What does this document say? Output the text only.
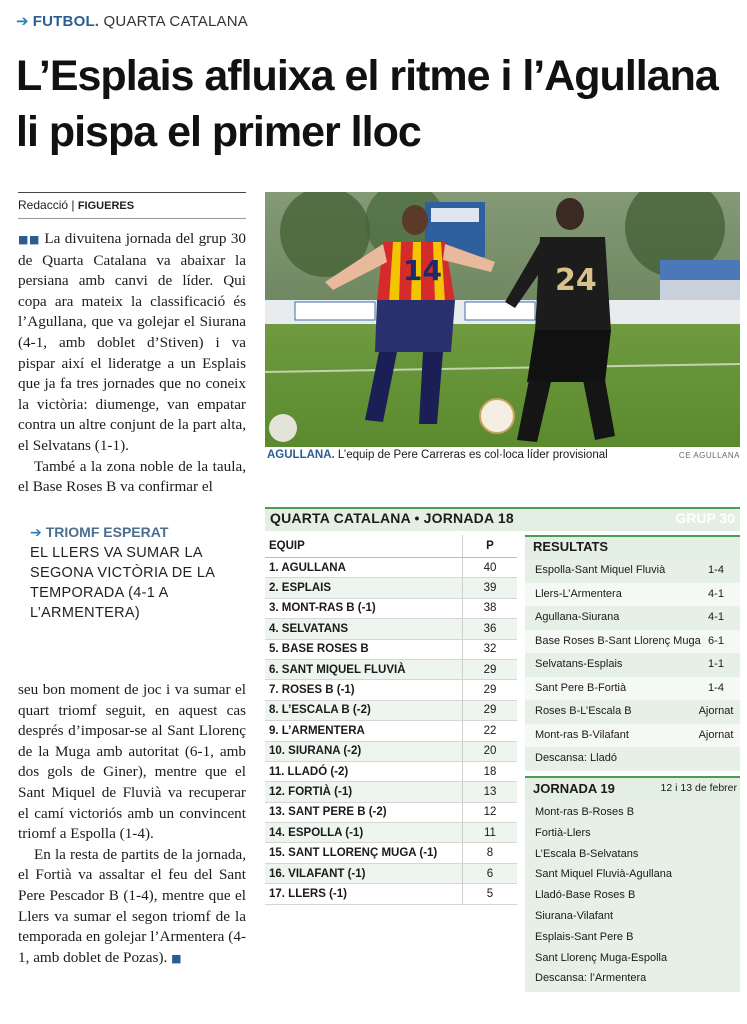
➔ FUTBOL. QUARTA CATALANA
L’Esplais afluixa el ritme i l’Agullana li pispa el primer lloc
Redacció | FIGUERES

■■ La divuitena jornada del grup 30 de Quarta Catalana va abaixar la persiana amb canvi de líder. Qui copa ara mateix la classificació és l’Agullana, que va golejar el Siurana (4-1, amb doblet d’Stiven) i va pispar així el lideratge a un Esplais que ja fa tres jornades que no coneix la victòria: diumenge, van empatar contra un altre conjunt de la part alta, el Selvatans (1-1).

També a la zona noble de la taula, el Base Roses B va confirmar el

➔ TRIOMF ESPERAT
EL LLERS VA SUMAR LA SEGONA VICTÒRIA DE LA TEMPORADA (4-1 A L’ARMENTERA)

seu bon moment de joc i va sumar el quart triomf seguit, en aquest cas després d’imposar-se al Sant Llorenç de la Muga amb autoritat (6-1, amb dos gols de Giner), mentre que el Sant Miquel de Fluvià va recuperar el camí victoriós amb un convincent triomf a Espolla (1-4).

En la resta de partits de la jornada, el Fortià va assaltar el feu del Sant Pere Pescador B (1-4), mentre que el Llers va sumar el segon triomf de la temporada en golejar l’Armentera (4-1, amb doblet de Pozas). ■

14	24
AGULLANA. L’equip de Pere Carreras es col·loca líder provisional	CE AGULLANA
QUARTA CATALANA • JORNADA 18	GRUP 30
EQUIP	P
1. AGULLANA	40
2. ESPLAIS	39
3. MONT-RAS B (-1)	38
4. SELVATANS	36
5. BASE ROSES B	32
6. SANT MIQUEL FLUVIÀ	29
7. ROSES B (-1)	29
8. L’ESCALA B (-2)	29
9. L’ARMENTERA	22
10. SIURANA (-2)	20
11. LLADÓ (-2)	18
12. FORTIÀ (-1)	13
13. SANT PERE B (-2)	12
14. ESPOLLA (-1)	11
15. SANT LLORENÇ MUGA (-1)	8
16. VILAFANT (-1)	6
17. LLERS (-1)	5
RESULTATS
Espolla-Sant Miquel Fluvià	1-4
Llers-L’Armentera	4-1
Agullana-Siurana	4-1
Base Roses B-Sant Llorenç Muga 6-1
Selvatans-Esplais	1-1
Sant Pere B-Fortià	1-4
Roses B-L’Escala B	Ajornat
Mont-ras B-Vilafant	Ajornat
Descansa: Lladó
JORNADA 19	12 i 13 de febrer
Mont-ras B-Roses B
Fortià-Llers
L’Escala B-Selvatans
Sant Miquel Fluvià-Agullana
Lladó-Base Roses B
Siurana-Vilafant
Esplais-Sant Pere B
Sant Llorenç Muga-Espolla
Descansa: l’Armentera
